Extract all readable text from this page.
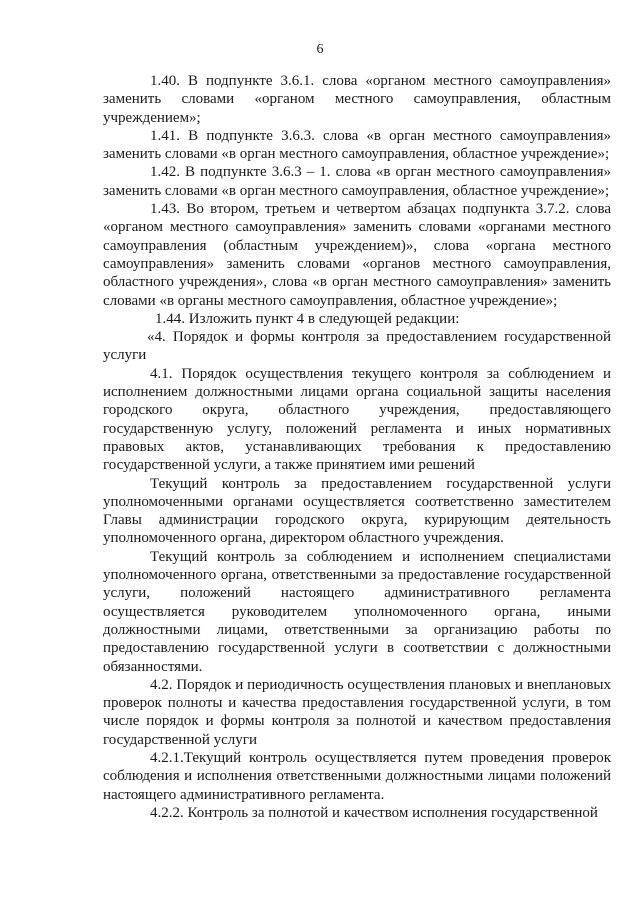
6

1.40. В подпункте 3.6.1. слова «органом местного самоуправления» заменить словами «органом местного самоуправления, областным учреждением»;

1.41. В подпункте 3.6.3. слова «в орган местного самоуправления» заменить словами «в орган местного самоуправления, областное учреждение»;

1.42. В подпункте 3.6.3 – 1. слова «в орган местного самоуправления» заменить словами «в орган местного самоуправления, областное учреждение»;

1.43. Во втором, третьем и четвертом абзацах подпункта 3.7.2. слова «органом местного самоуправления» заменить словами «органами местного самоуправления (областным учреждением)», слова «органа местного самоуправления» заменить словами «органов местного самоуправления, областного учреждения», слова «в орган местного самоуправления» заменить словами «в органы местного самоуправления, областное учреждение»;

1.44. Изложить пункт 4 в следующей редакции:

«4. Порядок и формы контроля за предоставлением государственной услуги

4.1. Порядок осуществления текущего контроля за соблюдением и исполнением должностными лицами органа социальной защиты населения городского округа, областного учреждения, предоставляющего государственную услугу, положений регламента и иных нормативных правовых актов, устанавливающих требования к предоставлению государственной услуги, а также принятием ими решений

Текущий контроль за предоставлением государственной услуги уполномоченными органами осуществляется соответственно заместителем Главы администрации городского округа, курирующим деятельность уполномоченного органа, директором областного учреждения.

Текущий контроль за соблюдением и исполнением специалистами уполномоченного органа, ответственными за предоставление государственной услуги, положений настоящего административного регламента осуществляется руководителем уполномоченного органа, иными должностными лицами, ответственными за организацию работы по предоставлению государственной услуги в соответствии с должностными обязанностями.

4.2. Порядок и периодичность осуществления плановых и внеплановых проверок полноты и качества предоставления государственной услуги, в том числе порядок и формы контроля за полнотой и качеством предоставления государственной услуги

4.2.1.Текущий контроль осуществляется путем проведения проверок соблюдения и исполнения ответственными должностными лицами положений настоящего административного регламента.

4.2.2. Контроль за полнотой и качеством исполнения государственной
